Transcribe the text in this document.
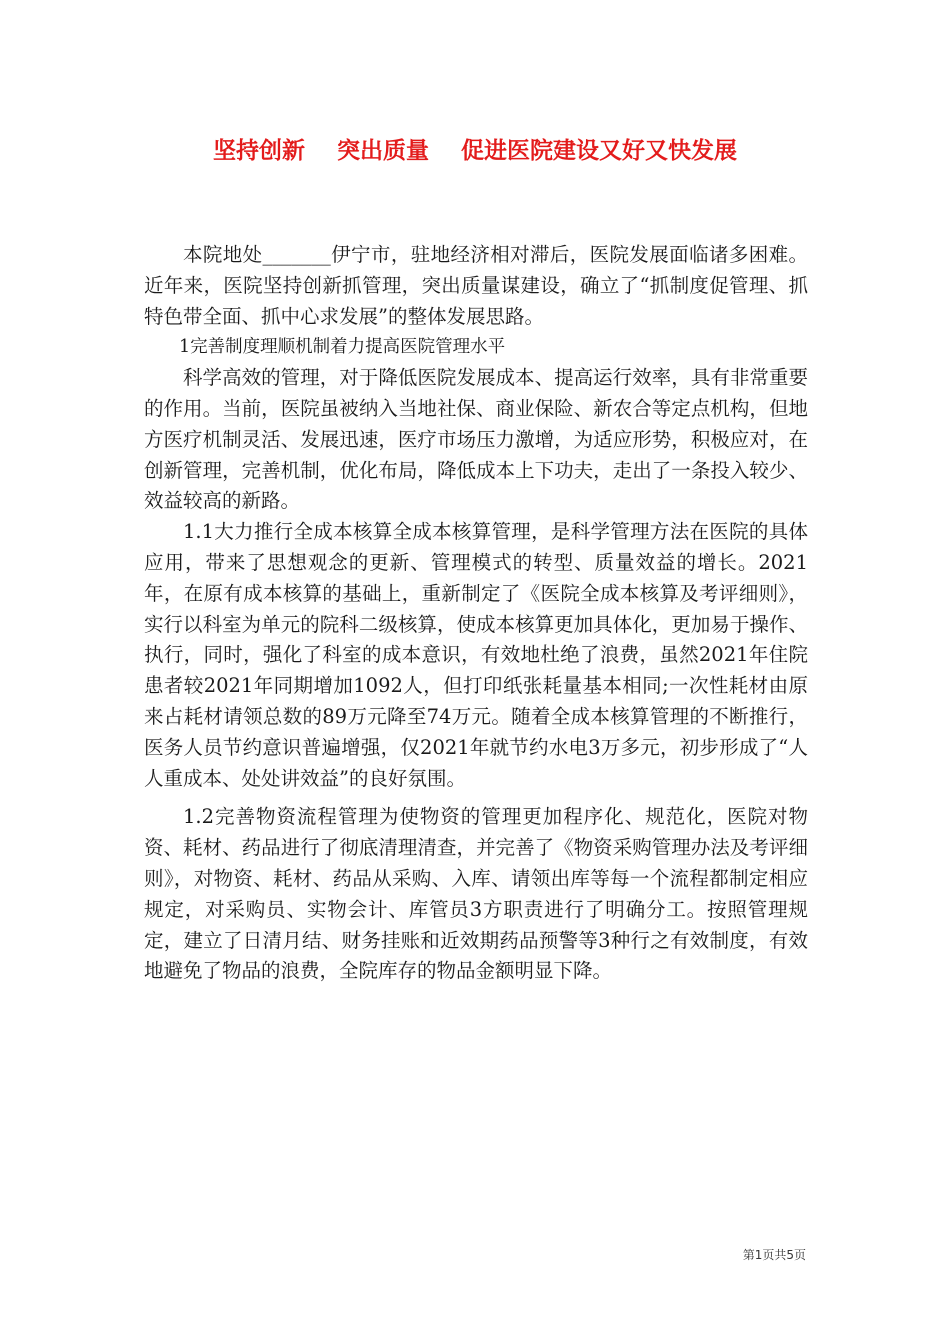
坚持创新    突出质量    促进医院建设又好又快发展

本院地处_______伊宁市，驻地经济相对滞后，医院发展面临诸多困难。近年来，医院坚持创新抓管理，突出质量谋建设，确立了“抓制度促管理、抓特色带全面、抓中心求发展”的整体发展思路。

1完善制度理顺机制着力提高医院管理水平

科学高效的管理，对于降低医院发展成本、提高运行效率，具有非常重要的作用。当前，医院虽被纳入当地社保、商业保险、新农合等定点机构，但地方医疗机制灵活、发展迅速，医疗市场压力激增，为适应形势，积极应对，在创新管理，完善机制，优化布局，降低成本上下功夫，走出了一条投入较少、效益较高的新路。

1.1大力推行全成本核算全成本核算管理，是科学管理方法在医院的具体应用，带来了思想观念的更新、管理模式的转型、质量效益的增长。2021年，在原有成本核算的基础上，重新制定了《医院全成本核算及考评细则》，实行以科室为单元的院科二级核算，使成本核算更加具体化，更加易于操作、执行，同时，强化了科室的成本意识，有效地杜绝了浪费，虽然2021年住院患者较2021年同期增加1092人，但打印纸张耗量基本相同;一次性耗材由原来占耗材请领总数的89万元降至74万元。随着全成本核算管理的不断推行，医务人员节约意识普遍增强，仅2021年就节约水电3万多元，初步形成了“人人重成本、处处讲效益”的良好氛围。

1.2完善物资流程管理为使物资的管理更加程序化、规范化，医院对物资、耗材、药品进行了彻底清理清查，并完善了《物资采购管理办法及考评细则》，对物资、耗材、药品从采购、入库、请领出库等每一个流程都制定相应规定，对采购员、实物会计、库管员3方职责进行了明确分工。按照管理规定，建立了日清月结、财务挂账和近效期药品预警等3种行之有效制度，有效地避免了物品的浪费，全院库存的物品金额明显下降。

第1页共5页
